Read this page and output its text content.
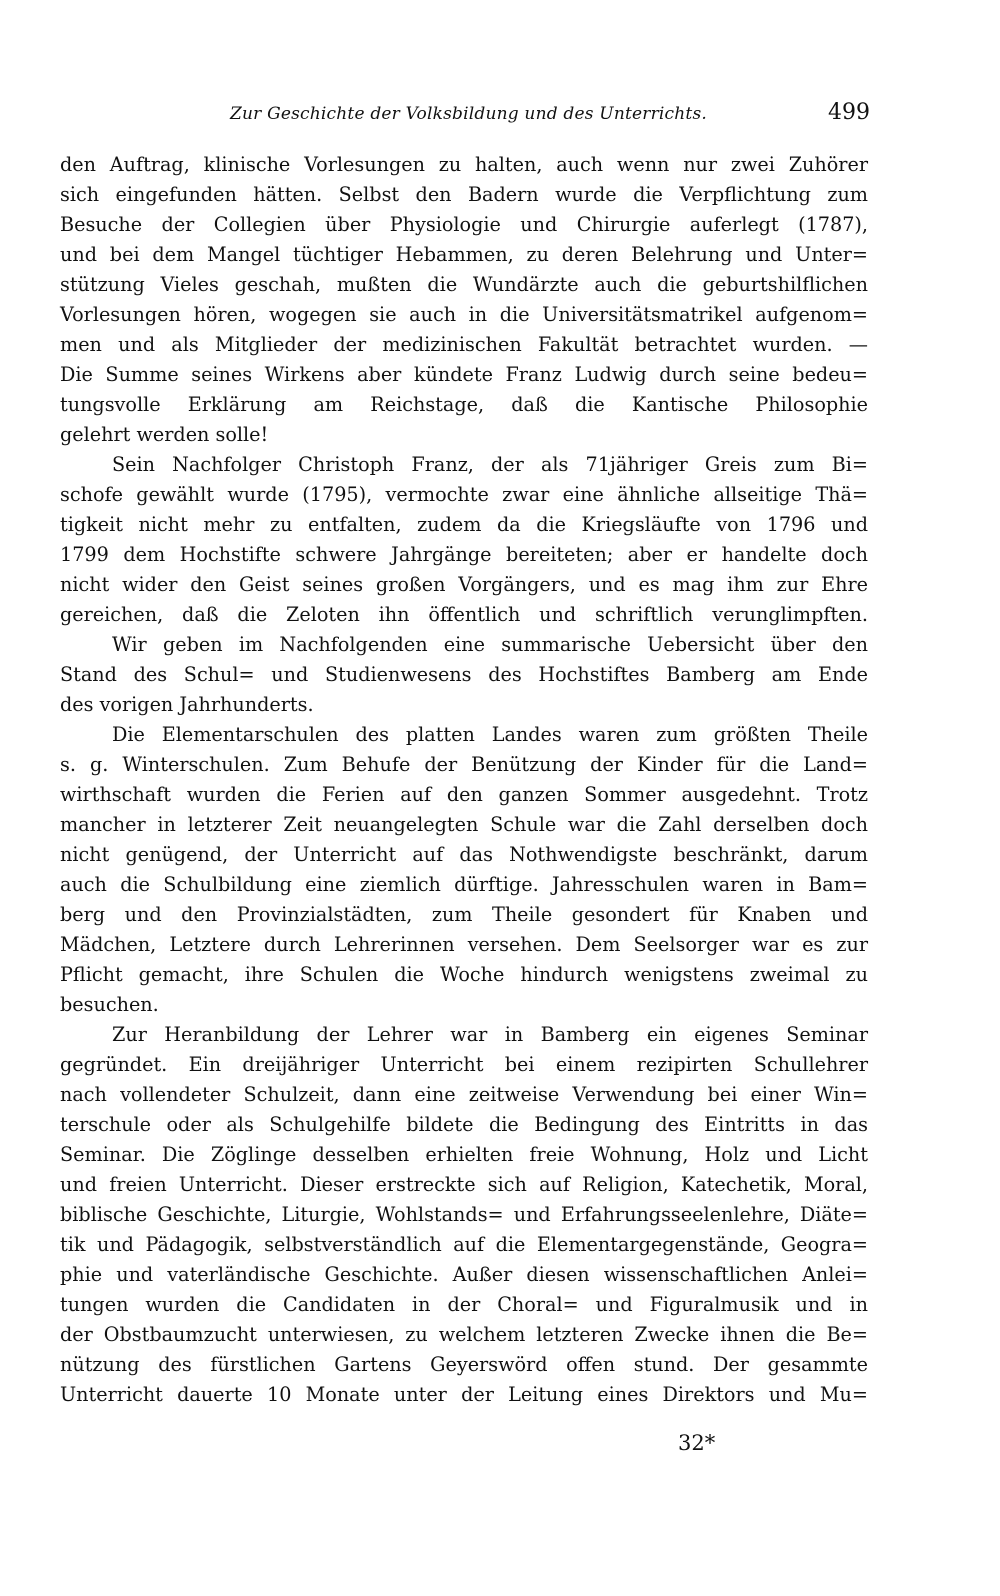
Zur Geschichte der Volksbildung und des Unterrichts.	499
den Auftrag, klinische Vorlesungen zu halten, auch wenn nur zwei Zuhörer
sich eingefunden hätten. Selbst den Badern wurde die Verpflichtung zum
Besuche der Collegien über Physiologie und Chirurgie auferlegt (1787),
und bei dem Mangel tüchtiger Hebammen, zu deren Belehrung und Unter=
stützung Vieles geschah, mußten die Wundärzte auch die geburtshilflichen
Vorlesungen hören, wogegen sie auch in die Universitätsmatrikel aufgenom=
men und als Mitglieder der medizinischen Fakultät betrachtet wurden. —
Die Summe seines Wirkens aber kündete Franz Ludwig durch seine bedeu=
tungsvolle Erklärung am Reichstage, daß die Kantische Philosophie
gelehrt werden solle!
Sein Nachfolger Christoph Franz, der als 71jähriger Greis zum Bi=
schofe gewählt wurde (1795), vermochte zwar eine ähnliche allseitige Thä=
tigkeit nicht mehr zu entfalten, zudem da die Kriegsläufte von 1796 und
1799 dem Hochstifte schwere Jahrgänge bereiteten; aber er handelte doch
nicht wider den Geist seines großen Vorgängers, und es mag ihm zur Ehre
gereichen, daß die Zeloten ihn öffentlich und schriftlich verunglimpften.
Wir geben im Nachfolgenden eine summarische Uebersicht über den
Stand des Schul= und Studienwesens des Hochstiftes Bamberg am Ende
des vorigen Jahrhunderts.
Die Elementarschulen des platten Landes waren zum größten Theile
s. g. Winterschulen. Zum Behufe der Benützung der Kinder für die Land=
wirthschaft wurden die Ferien auf den ganzen Sommer ausgedehnt. Trotz
mancher in letzterer Zeit neuangelegten Schule war die Zahl derselben doch
nicht genügend, der Unterricht auf das Nothwendigste beschränkt, darum
auch die Schulbildung eine ziemlich dürftige. Jahresschulen waren in Bam=
berg und den Provinzialstädten, zum Theile gesondert für Knaben und
Mädchen, Letztere durch Lehrerinnen versehen. Dem Seelsorger war es zur
Pflicht gemacht, ihre Schulen die Woche hindurch wenigstens zweimal zu
besuchen.
Zur Heranbildung der Lehrer war in Bamberg ein eigenes Seminar
gegründet. Ein dreijähriger Unterricht bei einem rezipirten Schullehrer
nach vollendeter Schulzeit, dann eine zeitweise Verwendung bei einer Win=
terschule oder als Schulgehilfe bildete die Bedingung des Eintritts in das
Seminar. Die Zöglinge desselben erhielten freie Wohnung, Holz und Licht
und freien Unterricht. Dieser erstreckte sich auf Religion, Katechetik, Moral,
biblische Geschichte, Liturgie, Wohlstands= und Erfahrungsseelenlehre, Diäte=
tik und Pädagogik, selbstverständlich auf die Elementargegenstände, Geogra=
phie und vaterländische Geschichte. Außer diesen wissenschaftlichen Anlei=
tungen wurden die Candidaten in der Choral= und Figuralmusik und in
der Obstbaumzucht unterwiesen, zu welchem letzteren Zwecke ihnen die Be=
nützung des fürstlichen Gartens Geyerswörd offen stund. Der gesammte
Unterricht dauerte 10 Monate unter der Leitung eines Direktors und Mu=
32*
